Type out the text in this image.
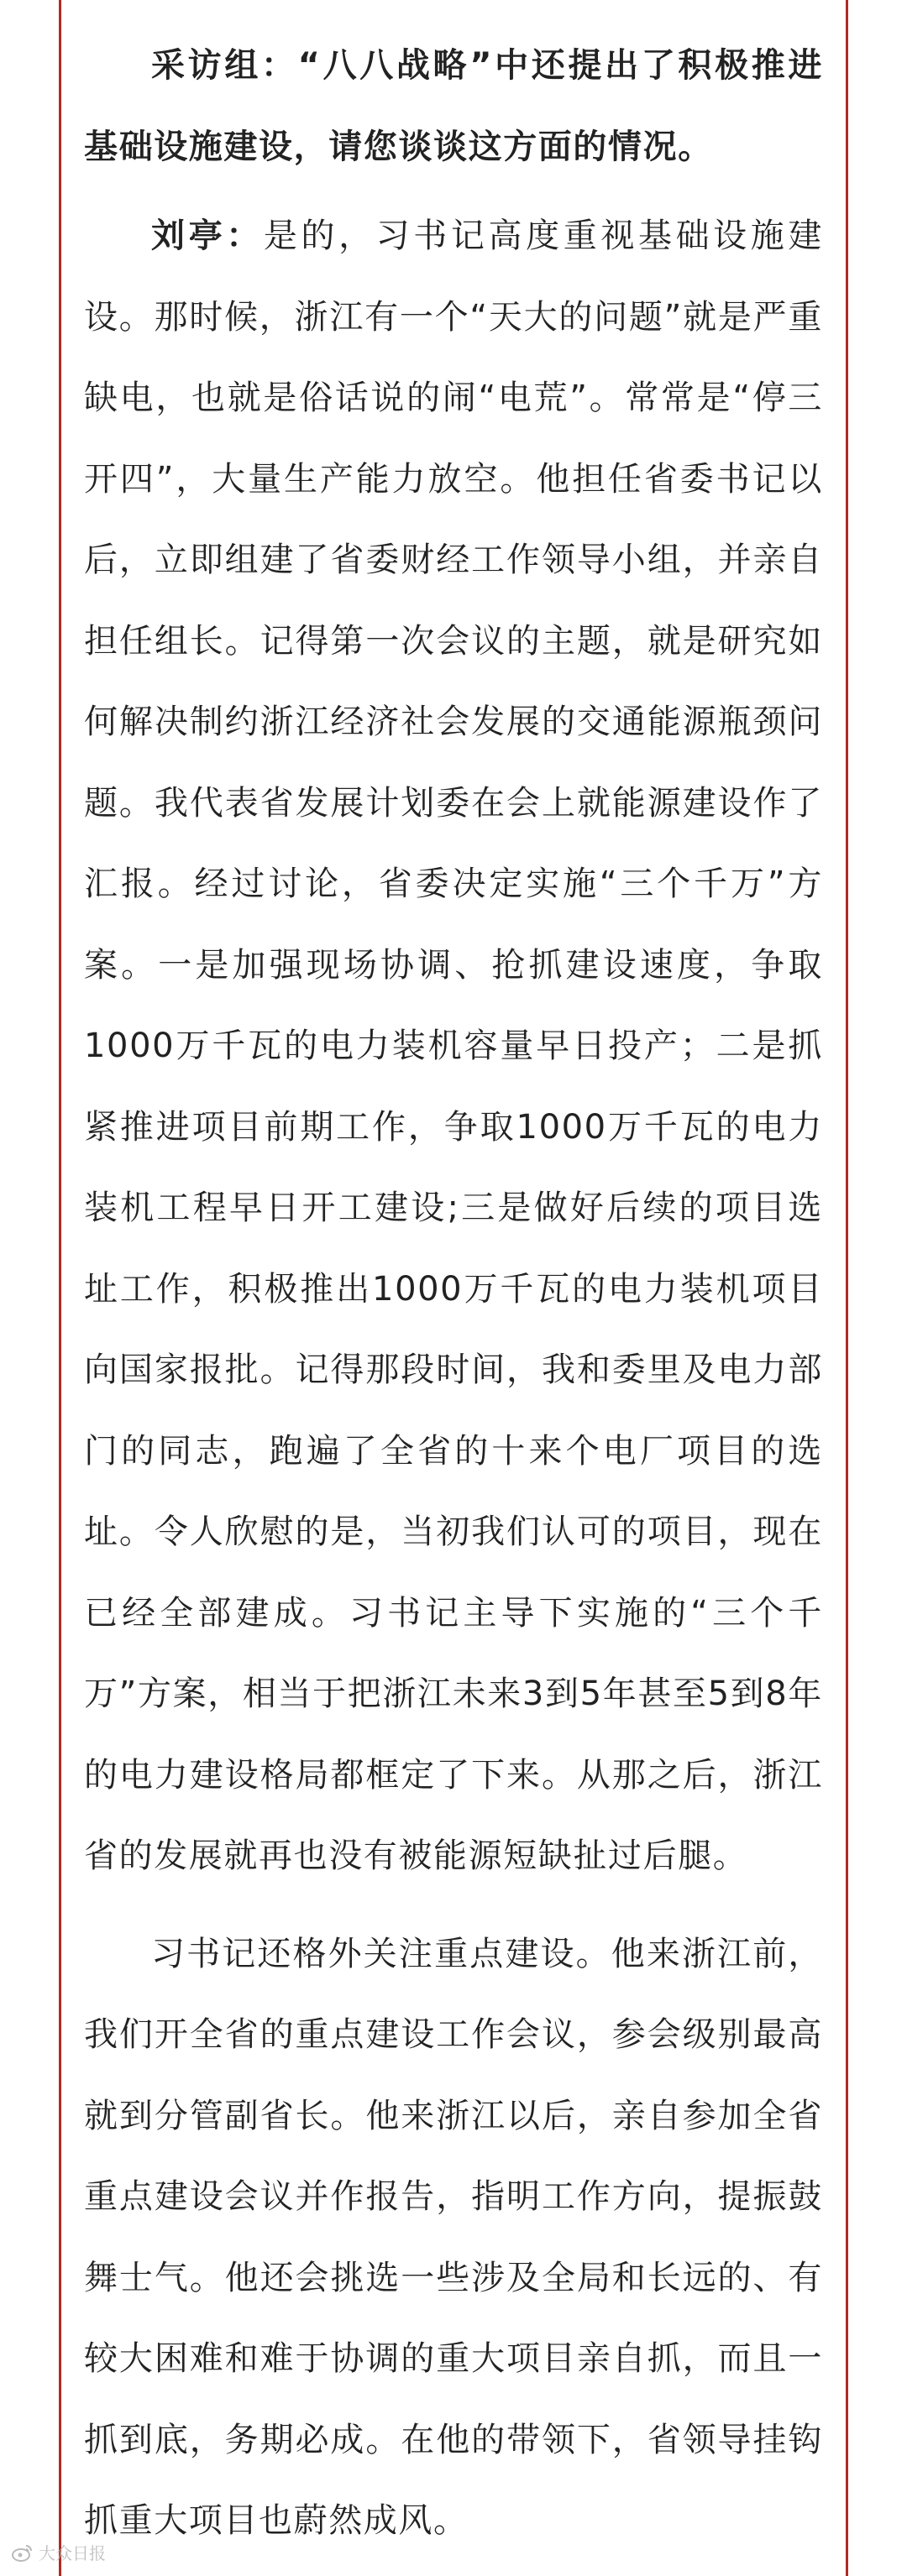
采访组：“八八战略”中还提出了积极推进基础设施建设，请您谈谈这方面的情况。

刘亭：是的，习书记高度重视基础设施建设。那时候，浙江有一个“天大的问题”就是严重缺电，也就是俗话说的闹“电荒”。常常是“停三开四”，大量生产能力放空。他担任省委书记以后，立即组建了省委财经工作领导小组，并亲自担任组长。记得第一次会议的主题，就是研究如何解决制约浙江经济社会发展的交通能源瓶颈问题。我代表省发展计划委在会上就能源建设作了汇报。经过讨论，省委决定实施“三个千万”方案。一是加强现场协调、抢抓建设速度，争取1000万千瓦的电力装机容量早日投产；二是抓紧推进项目前期工作，争取1000万千瓦的电力装机工程早日开工建设;三是做好后续的项目选址工作，积极推出1000万千瓦的电力装机项目向国家报批。记得那段时间，我和委里及电力部门的同志，跑遍了全省的十来个电厂项目的选址。令人欣慰的是，当初我们认可的项目，现在已经全部建成。习书记主导下实施的“三个千万”方案，相当于把浙江未来3到5年甚至5到8年的电力建设格局都框定了下来。从那之后，浙江省的发展就再也没有被能源短缺扯过后腿。

习书记还格外关注重点建设。他来浙江前，我们开全省的重点建设工作会议，参会级别最高就到分管副省长。他来浙江以后，亲自参加全省重点建设会议并作报告，指明工作方向，提振鼓舞士气。他还会挑选一些涉及全局和长远的、有较大困难和难于协调的重大项目亲自抓，而且一抓到底，务期必成。在他的带领下，省领导挂钩抓重大项目也蔚然成风。

大众日报
